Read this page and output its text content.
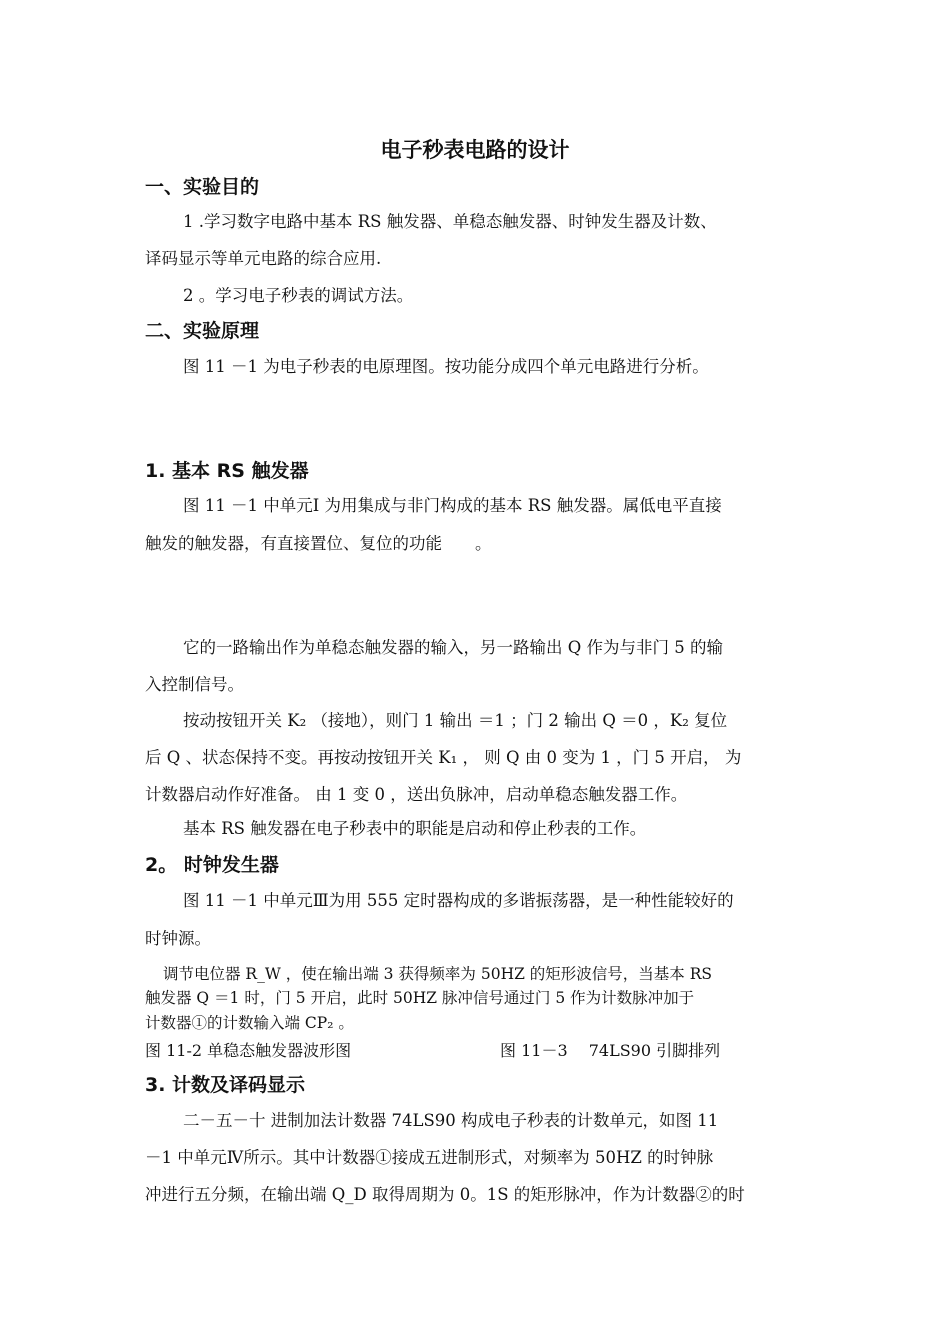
电子秒表电路的设计
一、实验目的
1 .学习数字电路中基本 RS 触发器、单稳态触发器、时钟发生器及计数、
译码显示等单元电路的综合应用.
2 。学习电子秒表的调试方法。
二、实验原理
图 11 －1 为电子秒表的电原理图。按功能分成四个单元电路进行分析。
1. 基本 RS 触发器
图 11 －1 中单元Ⅰ 为用集成与非门构成的基本 RS 触发器。属低电平直接
触发的触发器，有直接置位、复位的功能　　。
它的一路输出作为单稳态触发器的输入，另一路输出 Q 作为与非门 5 的输
入控制信号。
按动按钮开关 K₂ （接地），则门 1 输出 ＝1 ；门 2 输出 Q ＝0 ，K₂ 复位
后 Q 、状态保持不变。再按动按钮开关 K₁ ， 则 Q 由 0 变为 1 ，门 5 开启， 为
计数器启动作好准备。 由 1 变 0 ，送出负脉冲，启动单稳态触发器工作。
基本 RS 触发器在电子秒表中的职能是启动和停止秒表的工作。
2。 时钟发生器
图 11 －1 中单元Ⅲ为用 555 定时器构成的多谐振荡器，是一种性能较好的
时钟源。
调节电位器 R_W ，使在输出端 3 获得频率为 50HZ 的矩形波信号，当基本 RS
触发器 Q ＝1 时，门 5 开启，此时 50HZ 脉冲信号通过门 5 作为计数脉冲加于
计数器①的计数输入端 CP₂ 。
图 11-2 单稳态触发器波形图	图 11－3　 74LS90 引脚排列
3. 计数及译码显示
二－五－十 进制加法计数器 74LS90 构成电子秒表的计数单元，如图 11
－1 中单元Ⅳ所示。其中计数器①接成五进制形式，对频率为 50HZ 的时钟脉
冲进行五分频，在输出端 Q_D 取得周期为 0。1S 的矩形脉冲，作为计数器②的时
